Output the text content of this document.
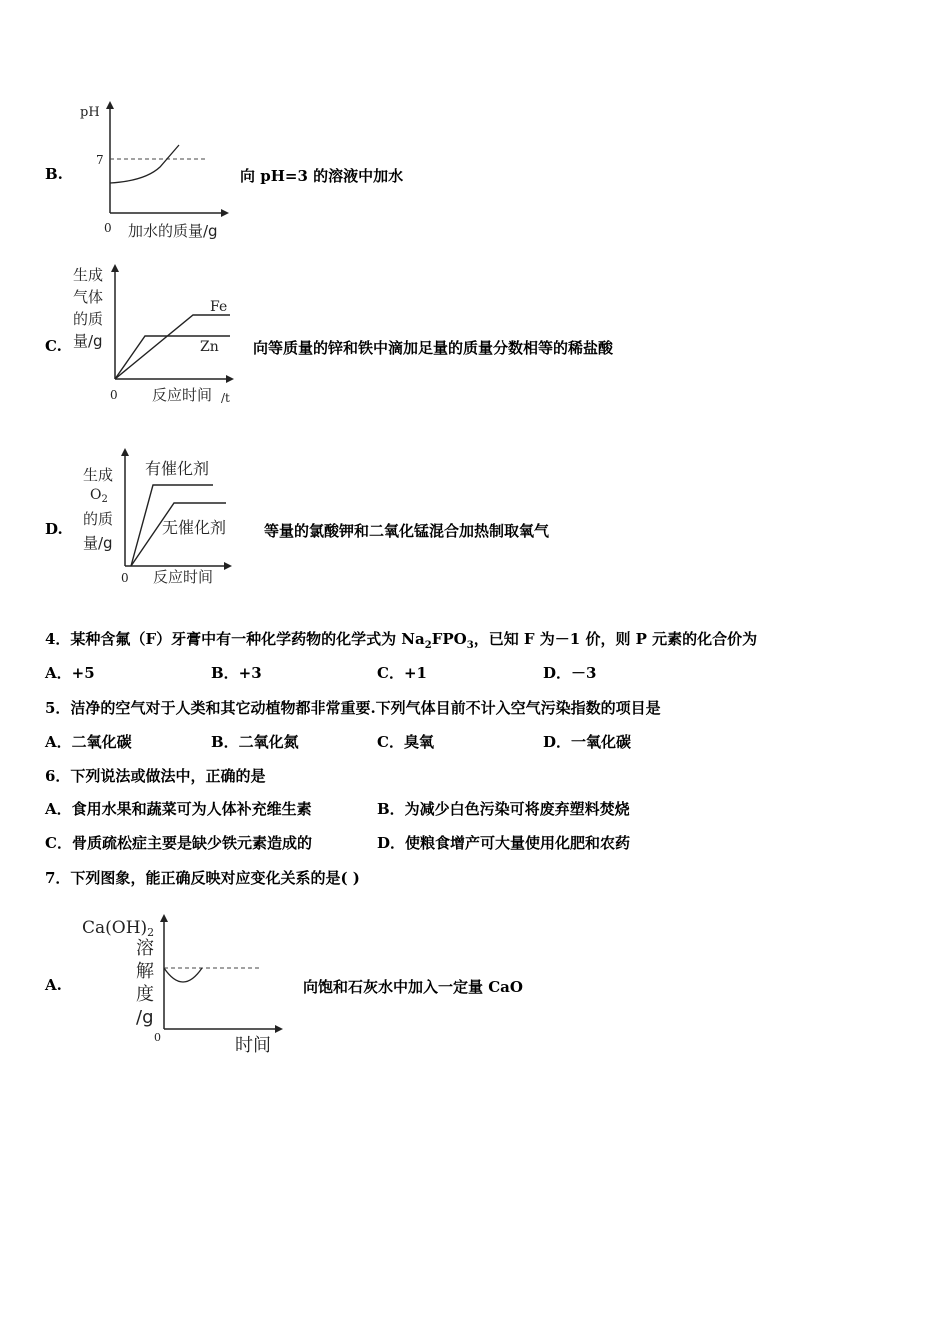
B.
pH
7
0 加水的质量/g
向 pH=3 的溶液中加水
C.
生成
气体
的质
量/g
Fe
Zn
0 反应时间 /t
向等质量的锌和铁中滴加足量的质量分数相等的稀盐酸
D.
生成
$O_2$
的质
量/g
有催化剂
无催化剂
0 反应时间
等量的氯酸钾和二氧化锰混合加热制取氧气
4．某种含氟（F）牙膏中有一种化学药物的化学式为 $Na_2FPO_3$，已知 F 为－1 价，则 P 元素的化合价为
A．+5	B．+3	C．+1	D．－3
5．洁净的空气对于人类和其它动植物都非常重要.下列气体目前不计入空气污染指数的项目是
A．二氧化碳	B．二氧化氮	C．臭氧	D．一氧化碳
6．下列说法或做法中，正确的是
A．食用水果和蔬菜可为人体补充维生素	B．为减少白色污染可将废弃塑料焚烧
C．骨质疏松症主要是缺少铁元素造成的	D．使粮食增产可大量使用化肥和农药
7．下列图象，能正确反映对应变化关系的是( )
A.
Ca(OH)2
溶
解
度
/g
0	时间
向饱和石灰水中加入一定量 CaO
